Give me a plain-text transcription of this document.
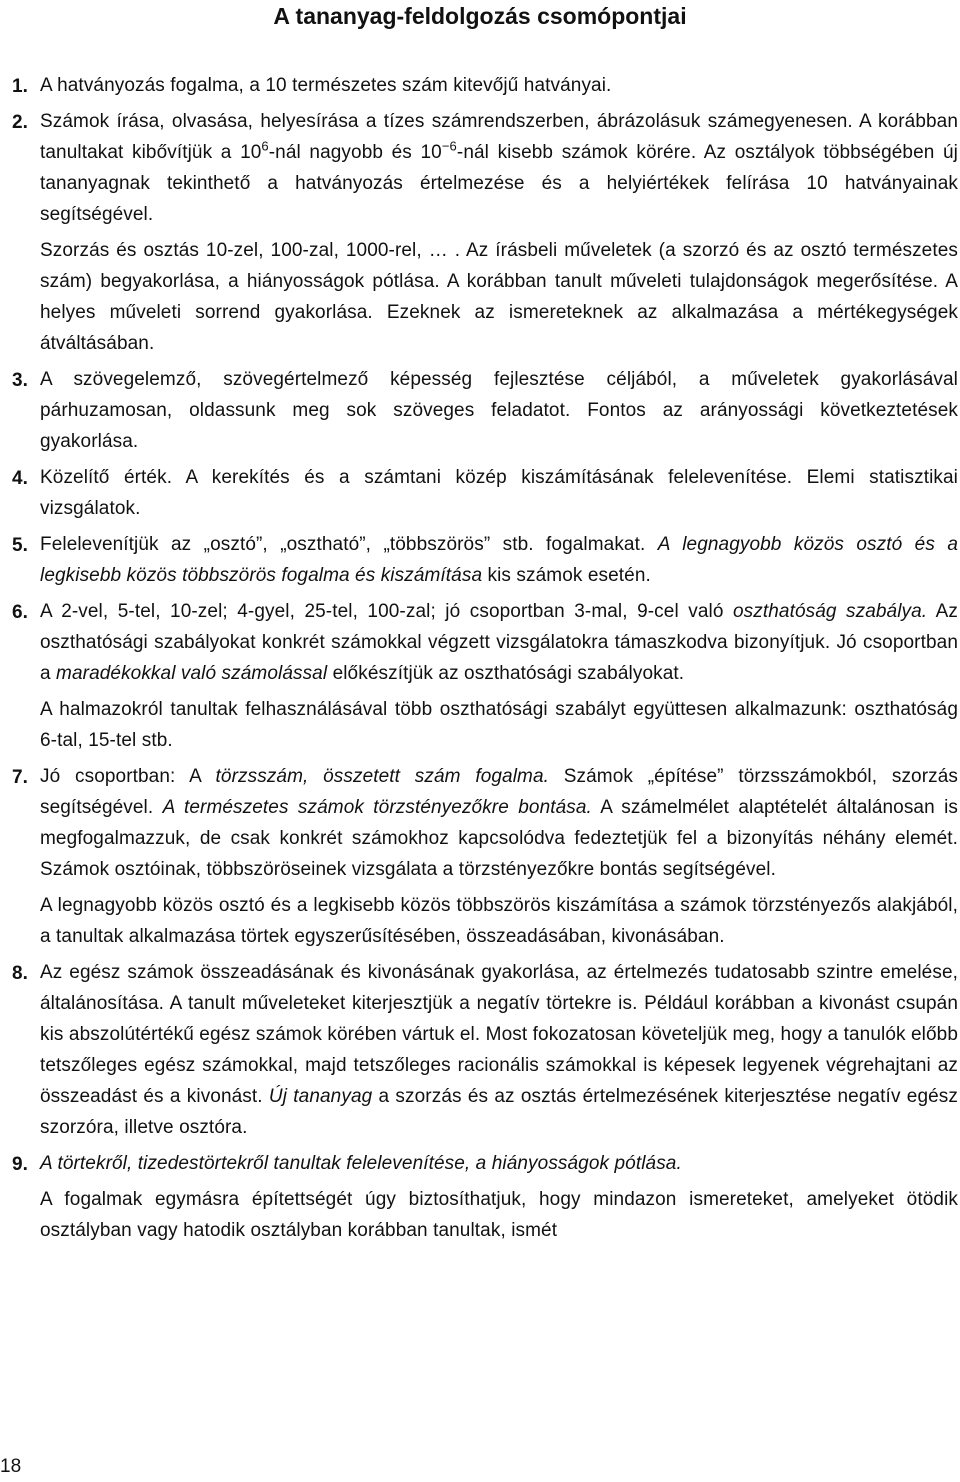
A tananyag-feldolgozás csomópontjai
1. A hatványozás fogalma, a 10 természetes szám kitevőjű hatványai.

2. Számok írása, olvasása, helyesírása a tízes számrendszerben, ábrázolásuk számegyenesen. A korábban tanultakat kibővítjük a $10^6$-nál nagyobb és $10^{-6}$-nál kisebb számok körére. Az osztályok többségében új tananyagnak tekinthető a hatványozás értelmezése és a helyiértékek felírása 10 hatványainak segítségével.

Szorzás és osztás 10-zel, 100-zal, 1000-rel, … . Az írásbeli műveletek (a szorzó és az osztó természetes szám) begyakorlása, a hiányosságok pótlása. A korábban tanult műveleti tulajdonságok megerősítése. A helyes műveleti sorrend gyakorlása. Ezeknek az ismereteknek az alkalmazása a mértékegységek átváltásában.

3. A szövegelemző, szövegértelmező képesség fejlesztése céljából, a műveletek gyakorlásával párhuzamosan, oldassunk meg sok szöveges feladatot. Fontos az arányossági következtetések gyakorlása.

4. Közelítő érték. A kerekítés és a számtani közép kiszámításának felelevenítése. Elemi statisztikai vizsgálatok.

5. Felelevenítjük az „osztó”, „osztható”, „többszörös” stb. fogalmakat. A legnagyobb közös osztó és a legkisebb közös többszörös fogalma és kiszámítása kis számok esetén.

6. A 2-vel, 5-tel, 10-zel; 4-gyel, 25-tel, 100-zal; jó csoportban 3-mal, 9-cel való oszthatóság szabálya. Az oszthatósági szabályokat konkrét számokkal végzett vizsgálatokra támaszkodva bizonyítjuk. Jó csoportban a maradékokkal való számolással előkészítjük az oszthatósági szabályokat.

A halmazokról tanultak felhasználásával több oszthatósági szabályt együttesen alkalmazunk: oszthatóság 6-tal, 15-tel stb.

7. Jó csoportban: A törzsszám, összetett szám fogalma. Számok „építése” törzsszámokból, szorzás segítségével. A természetes számok törzstényezőkre bontása. A számelmélet alaptételét általánosan is megfogalmazzuk, de csak konkrét számokhoz kapcsolódva fedeztetjük fel a bizonyítás néhány elemét. Számok osztóinak, többszöröseinek vizsgálata a törzstényezőkre bontás segítségével.

A legnagyobb közös osztó és a legkisebb közös többszörös kiszámítása a számok törzstényezős alakjából, a tanultak alkalmazása törtek egyszerűsítésében, összeadásában, kivonásában.

8. Az egész számok összeadásának és kivonásának gyakorlása, az értelmezés tudatosabb szintre emelése, általánosítása. A tanult műveleteket kiterjesztjük a negatív törtekre is. Például korábban a kivonást csupán kis abszolútértékű egész számok körében vártuk el. Most fokozatosan követeljük meg, hogy a tanulók előbb tetszőleges egész számokkal, majd tetszőleges racionális számokkal is képesek legyenek végrehajtani az összeadást és a kivonást. Új tananyag a szorzás és az osztás értelmezésének kiterjesztése negatív egész szorzóra, illetve osztóra.

9. A törtekről, tizedestörtekről tanultak felelevenítése, a hiányosságok pótlása.

A fogalmak egymásra építettségét úgy biztosíthatjuk, hogy mindazon ismereteket, amelyeket ötödik osztályban vagy hatodik osztályban korábban tanultak, ismét

18
